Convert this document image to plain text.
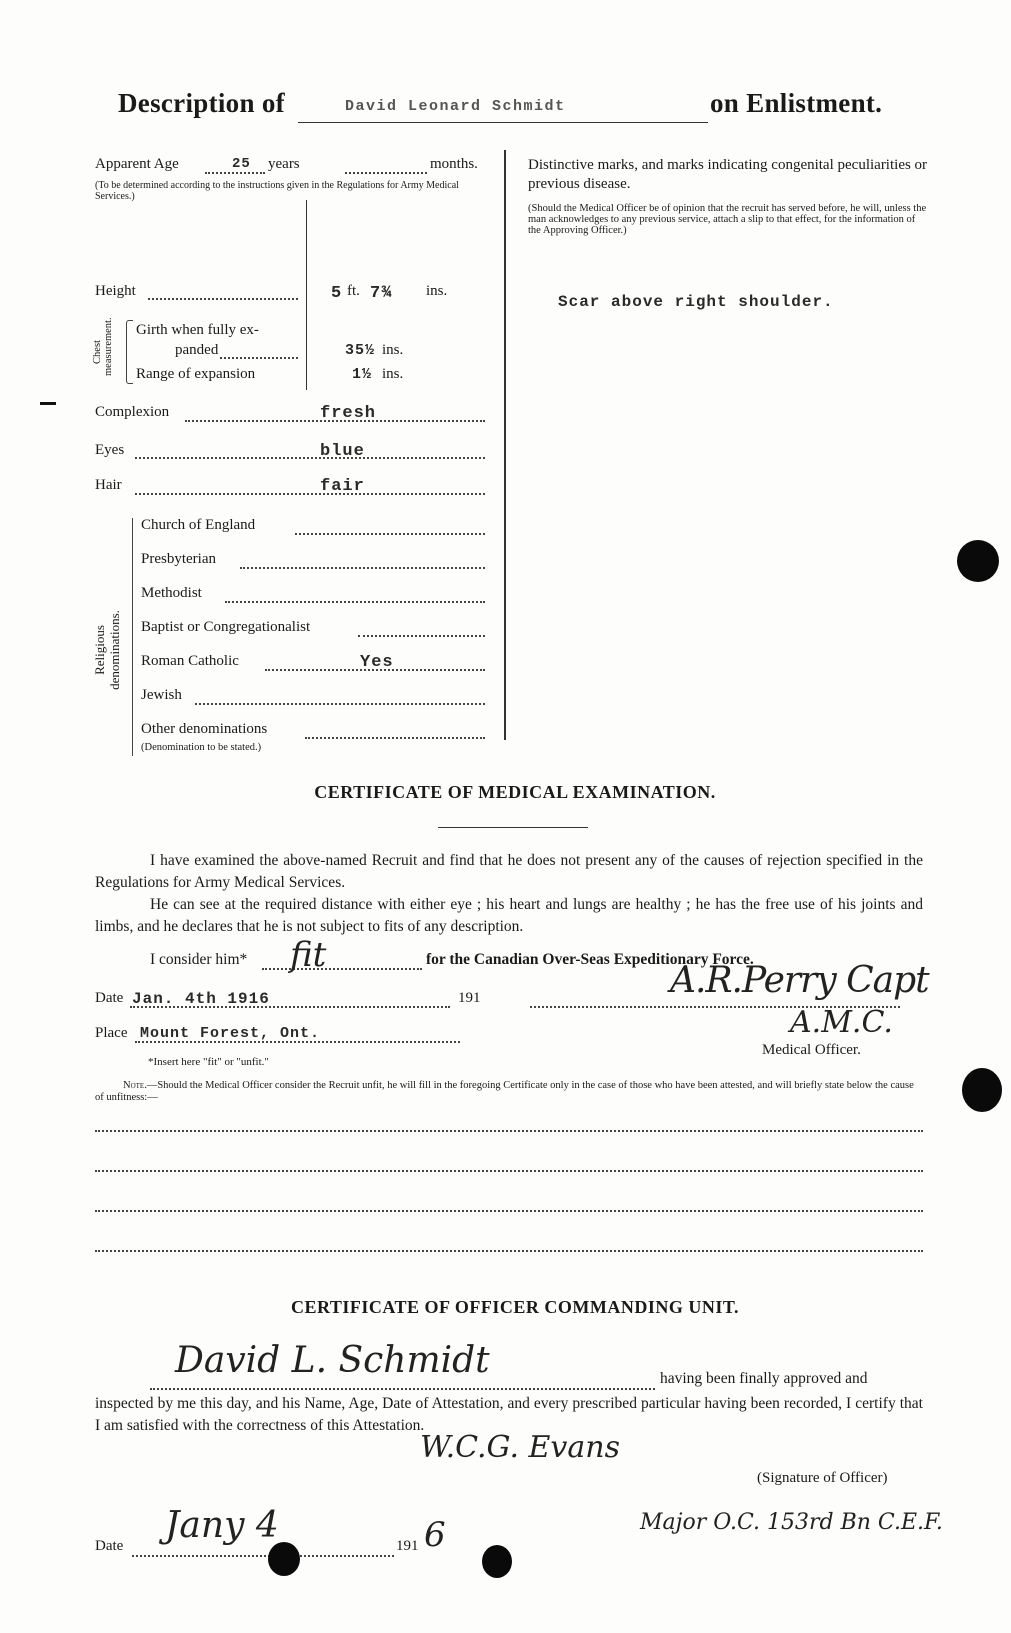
Description of	David Leonard Schmidt	on Enlistment.
Apparent Age	25 years	months.
(To be determined according to the instructions given in the Regulations for Army Medical Services.)
Height	5 ft. 7¾ ins.
Chest measurement. Girth when fully ex-
panded	35½ ins.
Range of expansion	1½ ins.
Complexion	fresh
Eyes	blue
Hair	fair
Religious denominations.
Church of England
Presbyterian
Methodist
Baptist or Congregationalist
Roman Catholic	Yes
Jewish
Other denominations
(Denomination to be stated.)
Distinctive marks, and marks indicating congenital peculiarities or previous disease.
(Should the Medical Officer be of opinion that the recruit has served before, he will, unless the man acknowledges to any previous service, attach a slip to that effect, for the information of the Approving Officer.)
Scar above right shoulder.
CERTIFICATE OF MEDICAL EXAMINATION.
I have examined the above-named Recruit and find that he does not present any of the causes of rejection specified in the Regulations for Army Medical Services.
He can see at the required distance with either eye ; his heart and lungs are healthy ; he has the free use of his joints and limbs, and he declares that he is not subject to fits of any description.
I consider him* fit	for the Canadian Over-Seas Expeditionary Force.
Date Jan. 4th 1916	191	A.R.Perry Capt
A.M.C.
Place Mount Forest, Ont.
*Insert here "fit" or "unfit."
Medical Officer.
Note.—Should the Medical Officer consider the Recruit unfit, he will fill in the foregoing Certificate only in the case of those who have been attested, and will briefly state below the cause of unfitness:—
CERTIFICATE OF OFFICER COMMANDING UNIT.
David L. Schmidt	having been finally approved and
inspected by me this day, and his Name, Age, Date of Attestation, and every prescribed particular having been recorded, I certify that I am satisfied with the correctness of this Attestation.
W.C.G. Evans
(Signature of Officer)
Major O.C. 153rd Bn C.E.F.
Date Jany 4	191 6
